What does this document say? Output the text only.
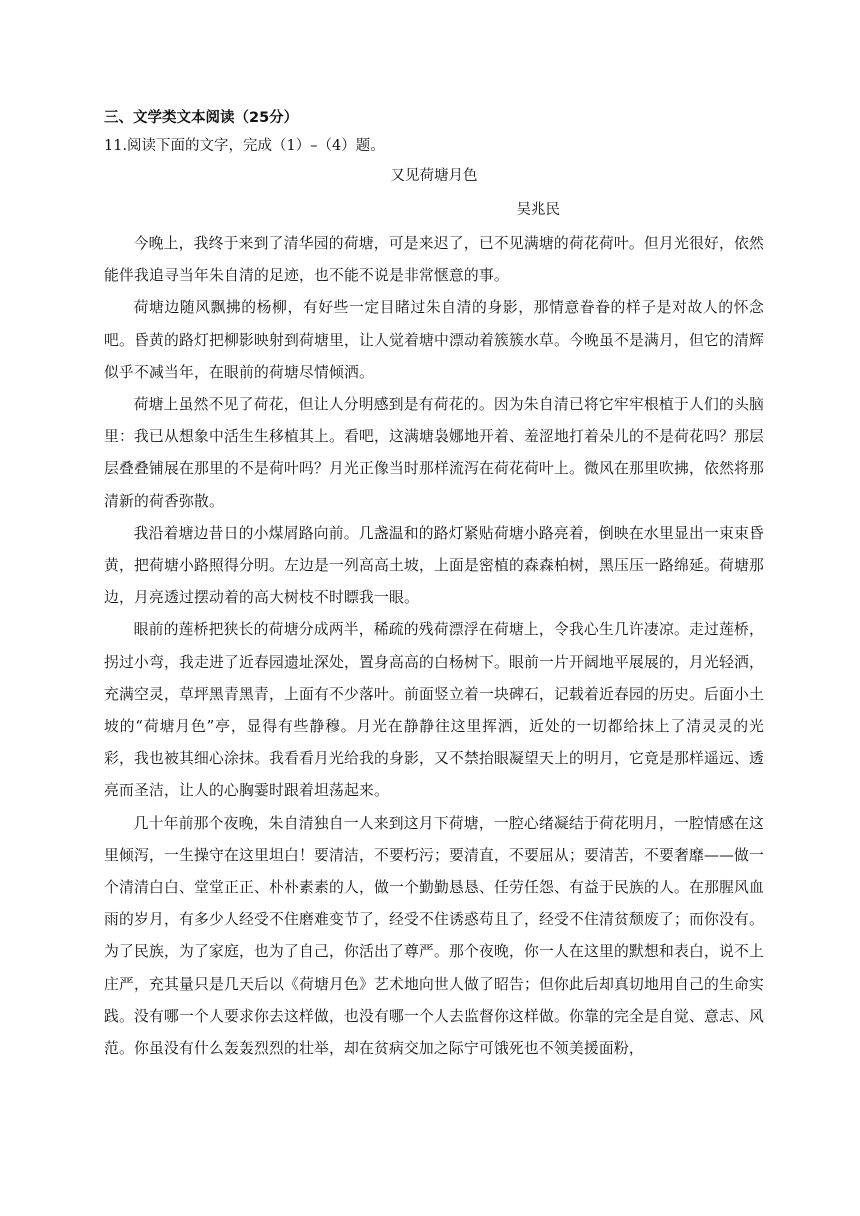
三、文学类文本阅读（25分）
11.阅读下面的文字，完成（1）–（4）题。
又见荷塘月色
吴兆民

今晚上，我终于来到了清华园的荷塘，可是来迟了，已不见满塘的荷花荷叶。但月光很好，依然能伴我追寻当年朱自清的足迹，也不能不说是非常惬意的事。

荷塘边随风飘拂的杨柳，有好些一定目睹过朱自清的身影，那情意眷眷的样子是对故人的怀念吧。昏黄的路灯把柳影映射到荷塘里，让人觉着塘中漂动着簇簇水草。今晚虽不是满月，但它的清辉似乎不减当年，在眼前的荷塘尽情倾洒。

荷塘上虽然不见了荷花，但让人分明感到是有荷花的。因为朱自清已将它牢牢根植于人们的头脑里：我已从想象中活生生移植其上。看吧，这满塘袅娜地开着、羞涩地打着朵儿的不是荷花吗？那层层叠叠铺展在那里的不是荷叶吗？月光正像当时那样流泻在荷花荷叶上。微风在那里吹拂，依然将那清新的荷香弥散。

我沿着塘边昔日的小煤屑路向前。几盏温和的路灯紧贴荷塘小路亮着，倒映在水里显出一束束昏黄，把荷塘小路照得分明。左边是一列高高土坡，上面是密植的森森柏树，黑压压一路绵延。荷塘那边，月亮透过摆动着的高大树枝不时瞟我一眼。

眼前的莲桥把狭长的荷塘分成两半，稀疏的残荷漂浮在荷塘上，令我心生几许凄凉。走过莲桥，拐过小弯，我走进了近春园遗址深处，置身高高的白杨树下。眼前一片开阔地平展展的，月光轻洒，充满空灵，草坪黑青黑青，上面有不少落叶。前面竖立着一块碑石，记载着近春园的历史。后面小土坡的“荷塘月色”亭，显得有些静穆。月光在静静往这里挥洒，近处的一切都给抹上了清灵灵的光彩，我也被其细心涂抹。我看看月光给我的身影，又不禁抬眼凝望天上的明月，它竟是那样遥远、透亮而圣洁，让人的心胸霎时跟着坦荡起来。

几十年前那个夜晚，朱自清独自一人来到这月下荷塘，一腔心绪凝结于荷花明月，一腔情感在这里倾泻，一生操守在这里坦白！要清洁，不要朽污；要清直，不要屈从；要清苦，不要奢靡——做一个清清白白、堂堂正正、朴朴素素的人，做一个勤勤恳恳、任劳任怨、有益于民族的人。在那腥风血雨的岁月，有多少人经受不住磨难变节了，经受不住诱惑苟且了，经受不住清贫颓废了；而你没有。为了民族，为了家庭，也为了自己，你活出了尊严。那个夜晚，你一人在这里的默想和表白，说不上庄严，充其量只是几天后以《荷塘月色》艺术地向世人做了昭告；但你此后却真切地用自己的生命实践。没有哪一个人要求你去这样做，也没有哪一个人去监督你这样做。你靠的完全是自觉、意志、风范。你虽没有什么轰轰烈烈的壮举，却在贫病交加之际宁可饿死也不领美援面粉，
